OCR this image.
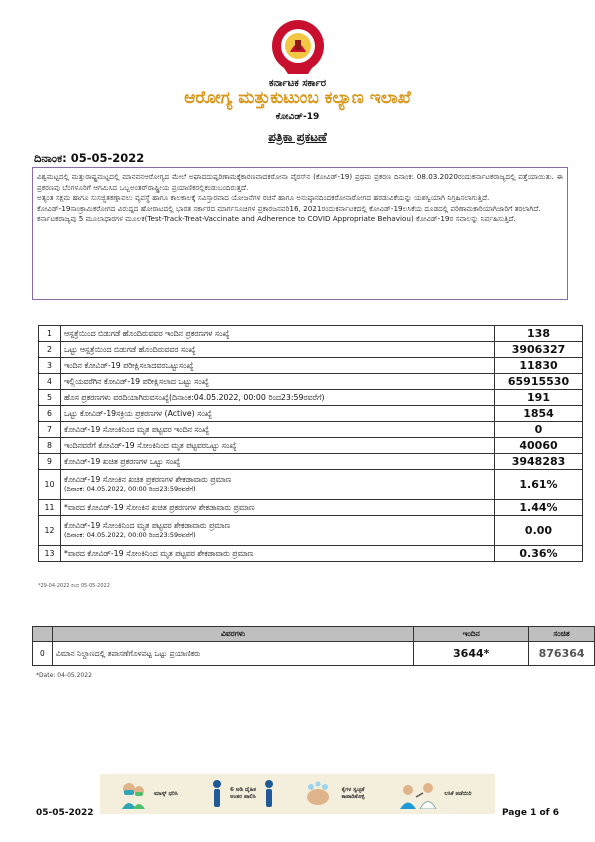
ಕರ್ನಾಟಕ ಸರ್ಕಾರ
ಆರೋಗ್ಯ ಮತ್ತುಕುಟುಂಬ ಕಲ್ಯಾಣ ಇಲಾಖೆ
ಕೋವಿಡ್-19
ಪತ್ರಿಕಾ ಪ್ರಕಟಣೆ
ದಿನಾಂಕ: 05-05-2022

ವಿಶ್ವಮಟ್ಟದಲ್ಲಿ ಮತ್ತುರಾಷ್ಟ್ರಮಟ್ಟದಲ್ಲಿ ಮಾನವನಆರೋಗ್ಯದ ಮೇಲೆ ಅಘಾದದುಷ್ಪರಿಣಾಮಕ್ಕೆಕಾರಣವಾದಕರೋನಾ ವೈರಸ್‌ನ (ಕೋವಿಡ್-19) ಪ್ರಥಮ ಪ್ರಕರಣ ದಿನಾಂಕ: 08.03.2020ರಂದುಕರ್ನಾಟಕರಾಜ್ಯದಲ್ಲಿ ಪತ್ತೆಯಾಯಿತು. ಈ ಪ್ರಕರಣವು ಬೆಂಗಳೂರಿಗೆ ಆಗಮಿಸಿದ ಒಬ್ಬಅಂತರ್‌ರಾಷ್ಟ್ರೀಯ ಪ್ರಯಾಣಿಕರಲ್ಲಿಕಂಡುಬಂದಿರುತ್ತದೆ.

ಅತ್ಯಂತ ಸಕ್ಷಮ ಹಾಗೂ ಸುಸಜ್ಜಿತಕಣ್ಗಾವಲು ವ್ಯವಸ್ಥೆ ಹಾಗೂ ಕಾಲಕಾಲಕ್ಕೆ ಸವಿಸ್ತಾರವಾದ ಯೋಜನೆಗಳ ರಚನೆ ಹಾಗೂ ಅನುಷ್ಠಾನದಿಂದಕರೋನಾರೋಗದ ಹರಡುವಿಕೆಯನ್ನು ಯಶಸ್ವಿಯಾಗಿ ನಿಗ್ರಹಿಸಲಾಗುತ್ತಿದೆ.

ಕೋವಿಡ್-19ಸಾಂಕ್ರಾಮಿಕರೋಗದ ವಿರುದ್ದದ ಹೋರಾಟದಲ್ಲಿ ಭಾರತ ಸರ್ಕಾರದ ಮಾರ್ಗಸೂಚಿಗಳ ಪ್ರಕಾರಜನವರಿ16, 2021ರಂದುಕರ್ನಾಟಕದಲ್ಲಿ ಕೋವಿಡ್-19ಲಸಿಕೆಯ ದೂಡದಲ್ಲಿ ಪರಿಣಾಮಕಾರಿಯಾಗಿಜಾರಿಗೆ ತರಲಾಗಿದೆ.

ಕರ್ನಾಟಕರಾಜ್ಯವು 5 ಮೂಲಾಧಾರಗಳ ಮೂಲಕ(Test-Track-Treat-Vaccinate and Adherence to COVID Appropriate Behaviou) ಕೋವಿಡ್-19ರ ಸವಾಲನ್ನು ನಿರ್ವಹಿಸುತ್ತಿದೆ.

1	ಆಸ್ಪತ್ರೆಯಿಂದ ಬಿಡುಗಡೆ ಹೊಂದಿರುವವರ ಇಂದಿನ ಪ್ರಕರಣಗಳ ಸಂಖ್ಯೆ	138
2	ಒಟ್ಟು ಆಸ್ಪತ್ರೆಯಿಂದ ಬಿಡುಗಡೆ ಹೊಂದಿರುವವರ ಸಂಖ್ಯೆ	3906327
3	ಇಂದಿನ ಕೋವಿಡ್-19 ಪರೀಕ್ಷಿಸಲಾದವರಒಟ್ಟುಸಂಖ್ಯೆ	11830
4	ಇಲ್ಲಿಯವರೆಗಿನ ಕೋವಿಡ್-19 ಪರೀಕ್ಷಿಸಲಾದ ಒಟ್ಟು ಸಂಖ್ಯೆ	65915530
5	ಹೊಸ ಪ್ರಕರಣಗಳು ವರದಿಯಾಗಿರುವಸಂಖ್ಯೆ(ದಿನಾಂಕ:04.05.2022, 00:00 ರಿಂದ23:59ರವರೆಗೆ)	191
6	ಒಟ್ಟು ಕೋವಿಡ್-19ಸಕ್ರಿಯ ಪ್ರಕರಣಗಳ (Active) ಸಂಖ್ಯೆ	1854
7	ಕೋವಿಡ್-19 ಸೋಂಕಿನಿಂದ ಮೃತ ಪಟ್ಟವರ ಇಂದಿನ ಸಂಖ್ಯೆ	0
8	ಇಂದಿನವರೆಗೆ ಕೋವಿಡ್-19 ಸೋಂಕಿನಿಂದ ಮೃತ ಪಟ್ಟವರಒಟ್ಟು ಸಂಖ್ಯೆ	40060
9	ಕೋವಿಡ್-19 ಖಚಿತ ಪ್ರಕರಣಗಳ ಒಟ್ಟು ಸಂಖ್ಯೆ	3948283
10	ಕೋವಿಡ್-19 ಸೋಂಕಿನ ಖಚಿತ ಪ್ರಕರಣಗಳ ಶೇಕಡಾವಾರು ಪ್ರಮಾಣ
(ದಿನಾಂಕ: 04.05.2022, 00:00 ರಿಂದ23:59ರವರೆಗೆ)	1.61%
11	*ವಾರದ ಕೋವಿಡ್-19 ಸೋಂಕಿನ ಖಚಿತ ಪ್ರಕರಣಗಳ ಶೇಕಡಾವಾರು ಪ್ರಮಾಣ	1.44%
12	ಕೋವಿಡ್-19 ಸೋಂಕಿನಿಂದ ಮೃತ ಪಟ್ಟವರ ಶೇಕಡಾವಾರು ಪ್ರಮಾಣ
(ದಿನಾಂಕ: 04.05.2022, 00:00 ರಿಂದ23:59ರವರೆಗೆ)	0.00
13	*ವಾರದ ಕೋವಿಡ್-19 ಸೋಂಕಿನಿಂದ ಮೃತ ಪಟ್ಟವರ ಶೇಕಡಾವಾರು ಪ್ರಮಾಣ	0.36%
*29-04-2022 ರಿಂದ 05-05-2022
	ವಿವರಗಳು	ಇಂದಿನ	ಸಂಚಿತ
0	ವಿಮಾನ ನಿಲ್ದಾಣದಲ್ಲಿ ತಪಾಸಣೆಗೊಳಪಟ್ಟ ಒಟ್ಟು ಪ್ರಯಾಣಿಕರು	3644*	876364
*Date: 04-05.2022
ಮಾಸ್ಕ್ ಧರಿಸಿ
6 ಅಡಿ ದೈಹಿಕ ಅಂತರ ಪಾಲಿಸಿ
ಕೈಗಳ ಸ್ವಚ್ಛತೆ ಕಾಪಾಡಿಕೊಳ್ಳಿ
ಲಸಿಕೆ ಪಡೆಯಿರಿ
05-05-2022	Page 1 of 6
